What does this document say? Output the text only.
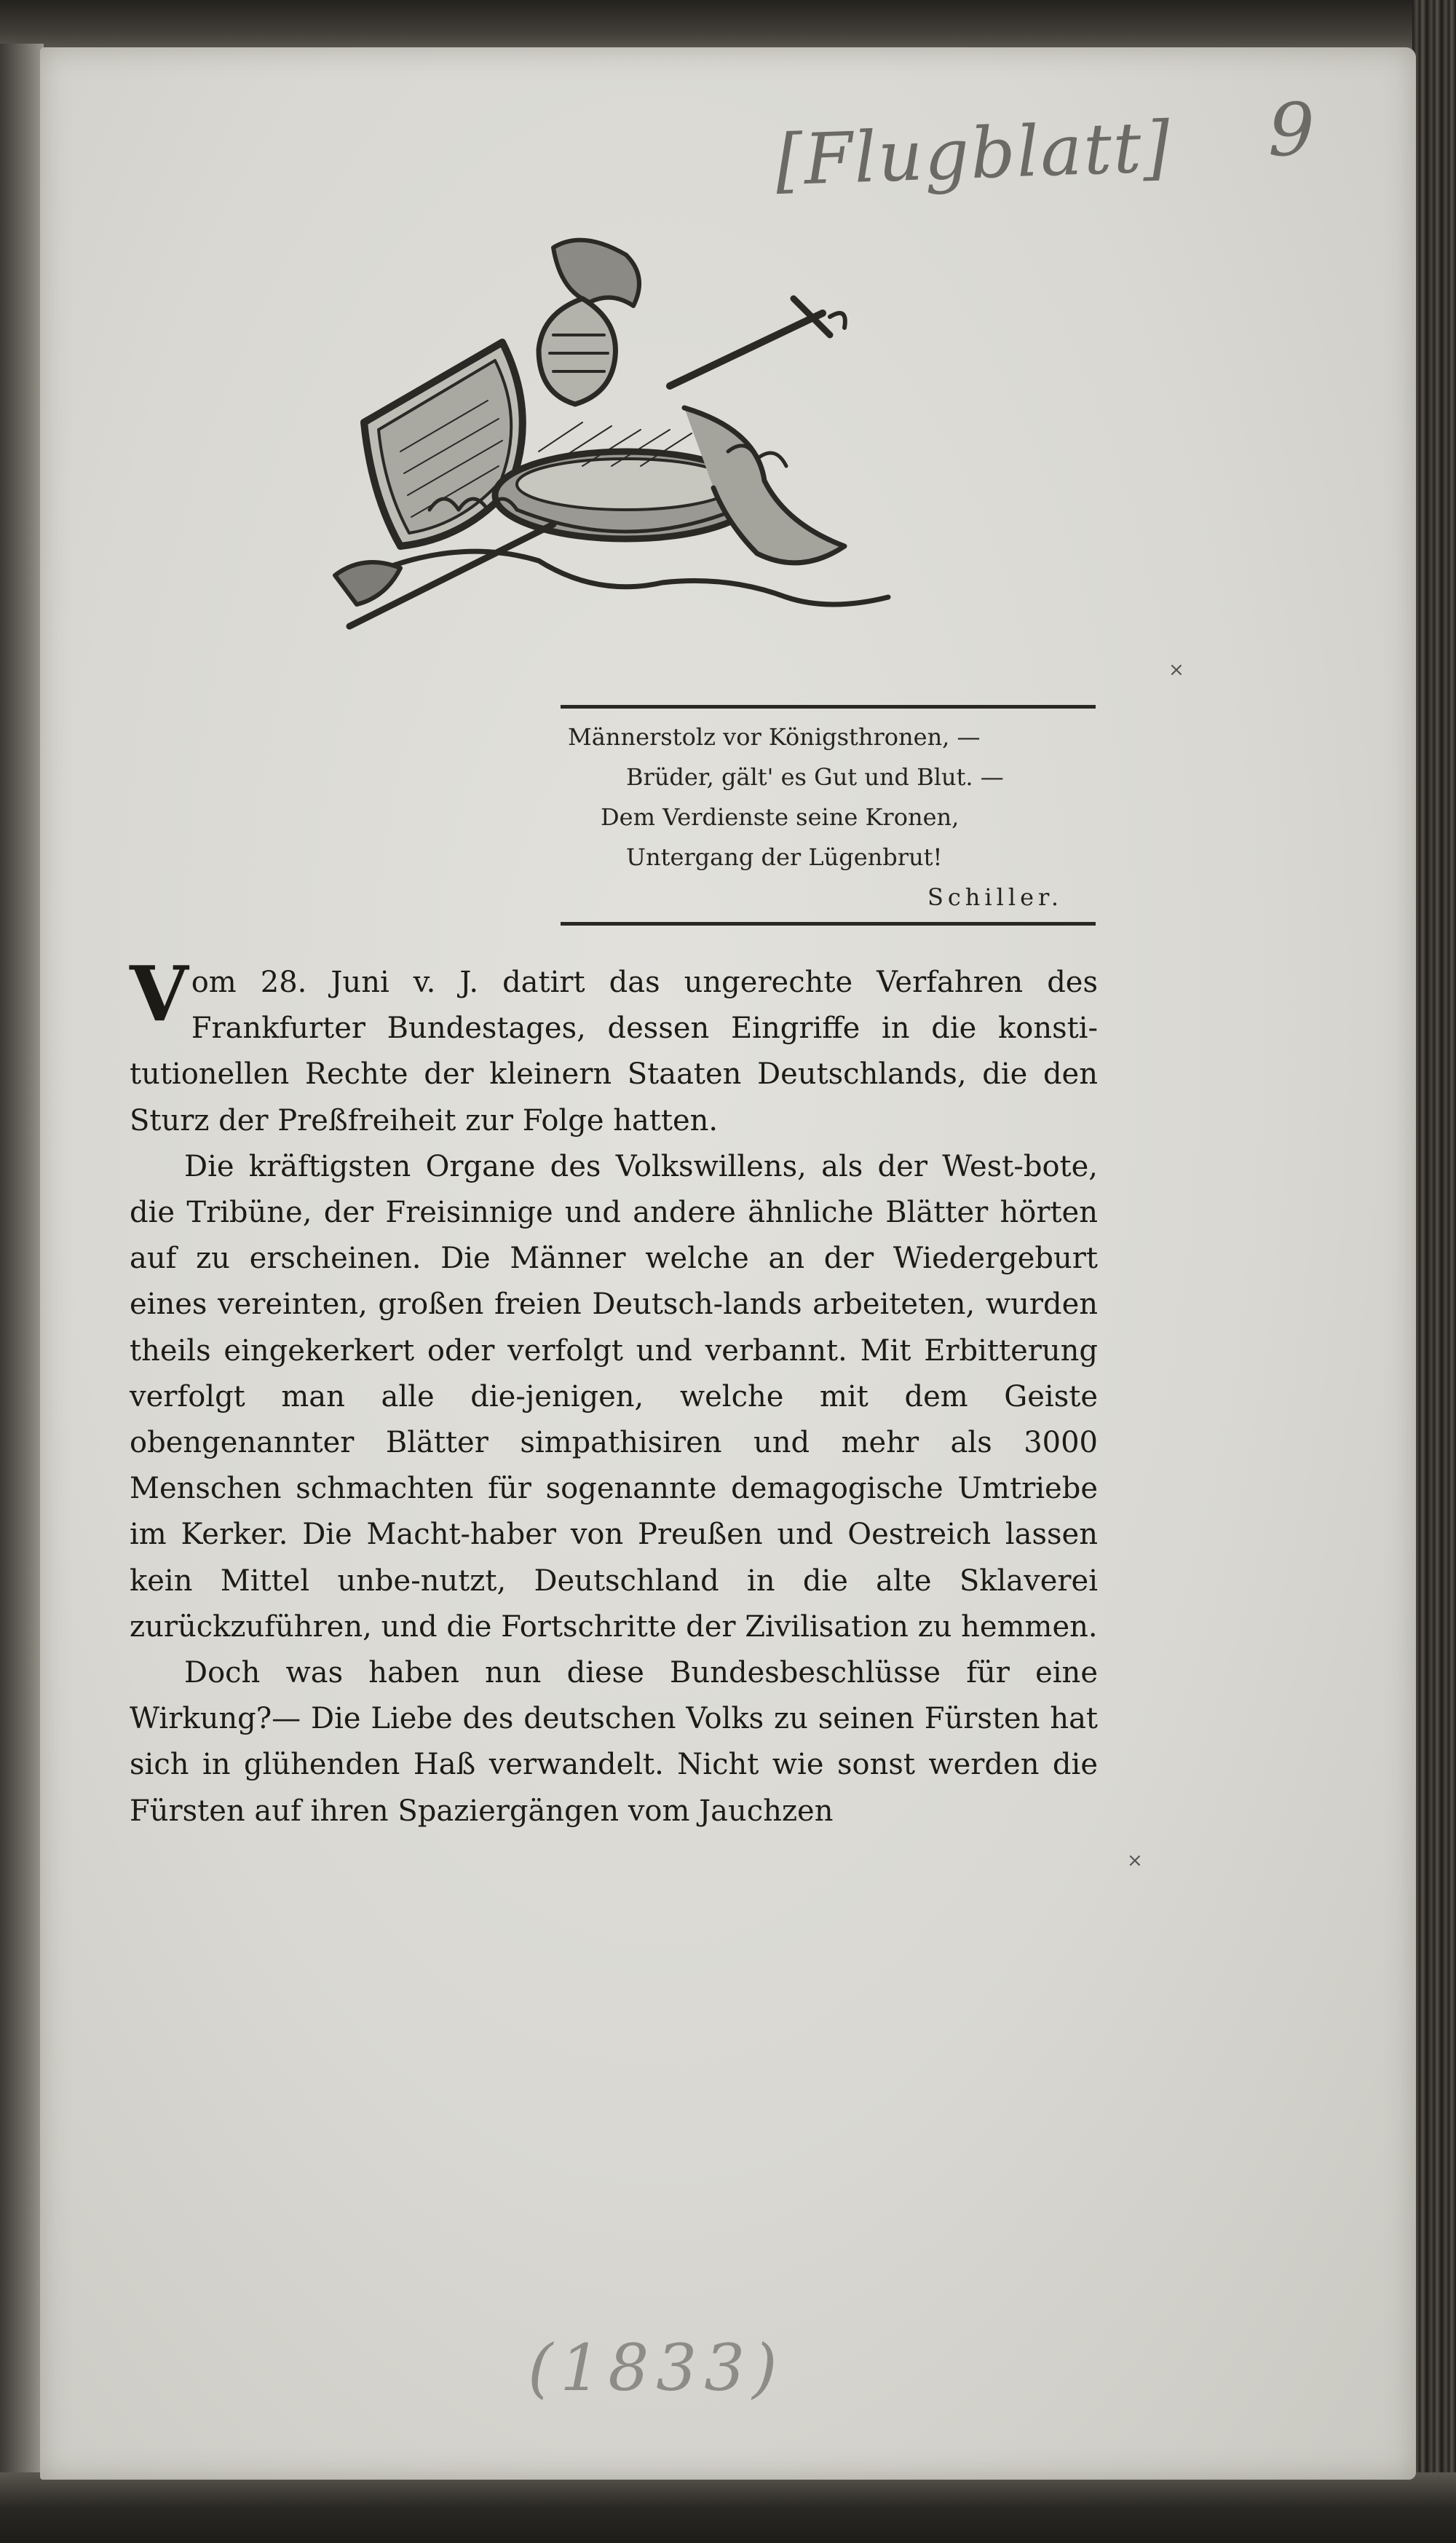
[Flugblatt] 9
Männerstolz vor Königsthronen, —
Brüder, gält' es Gut und Blut. —
Dem Verdienste seine Kronen,
Untergang der Lügenbrut!
Schiller.

Vom 28. Juni v. J. datirt das ungerechte Verfahren des Frankfurter Bundestages, dessen Eingriffe in die konsti-tutionellen Rechte der kleinern Staaten Deutschlands, die den Sturz der Preßfreiheit zur Folge hatten.

Die kräftigsten Organe des Volkswillens, als der West-bote, die Tribüne, der Freisinnige und andere ähnliche Blätter hörten auf zu erscheinen. Die Männer welche an der Wiedergeburt eines vereinten, großen freien Deutsch-lands arbeiteten, wurden theils eingekerkert oder verfolgt und verbannt. Mit Erbitterung verfolgt man alle die-jenigen, welche mit dem Geiste obengenannter Blätter simpathisiren und mehr als 3000 Menschen schmachten für sogenannte demagogische Umtriebe im Kerker. Die Macht-haber von Preußen und Oestreich lassen kein Mittel unbe-nutzt, Deutschland in die alte Sklaverei zurückzuführen, und die Fortschritte der Zivilisation zu hemmen.

Doch was haben nun diese Bundesbeschlüsse für eine Wirkung?— Die Liebe des deutschen Volks zu seinen Fürsten hat sich in glühenden Haß verwandelt. Nicht wie sonst werden die Fürsten auf ihren Spaziergängen vom Jauchzen

×
×
(1833)
